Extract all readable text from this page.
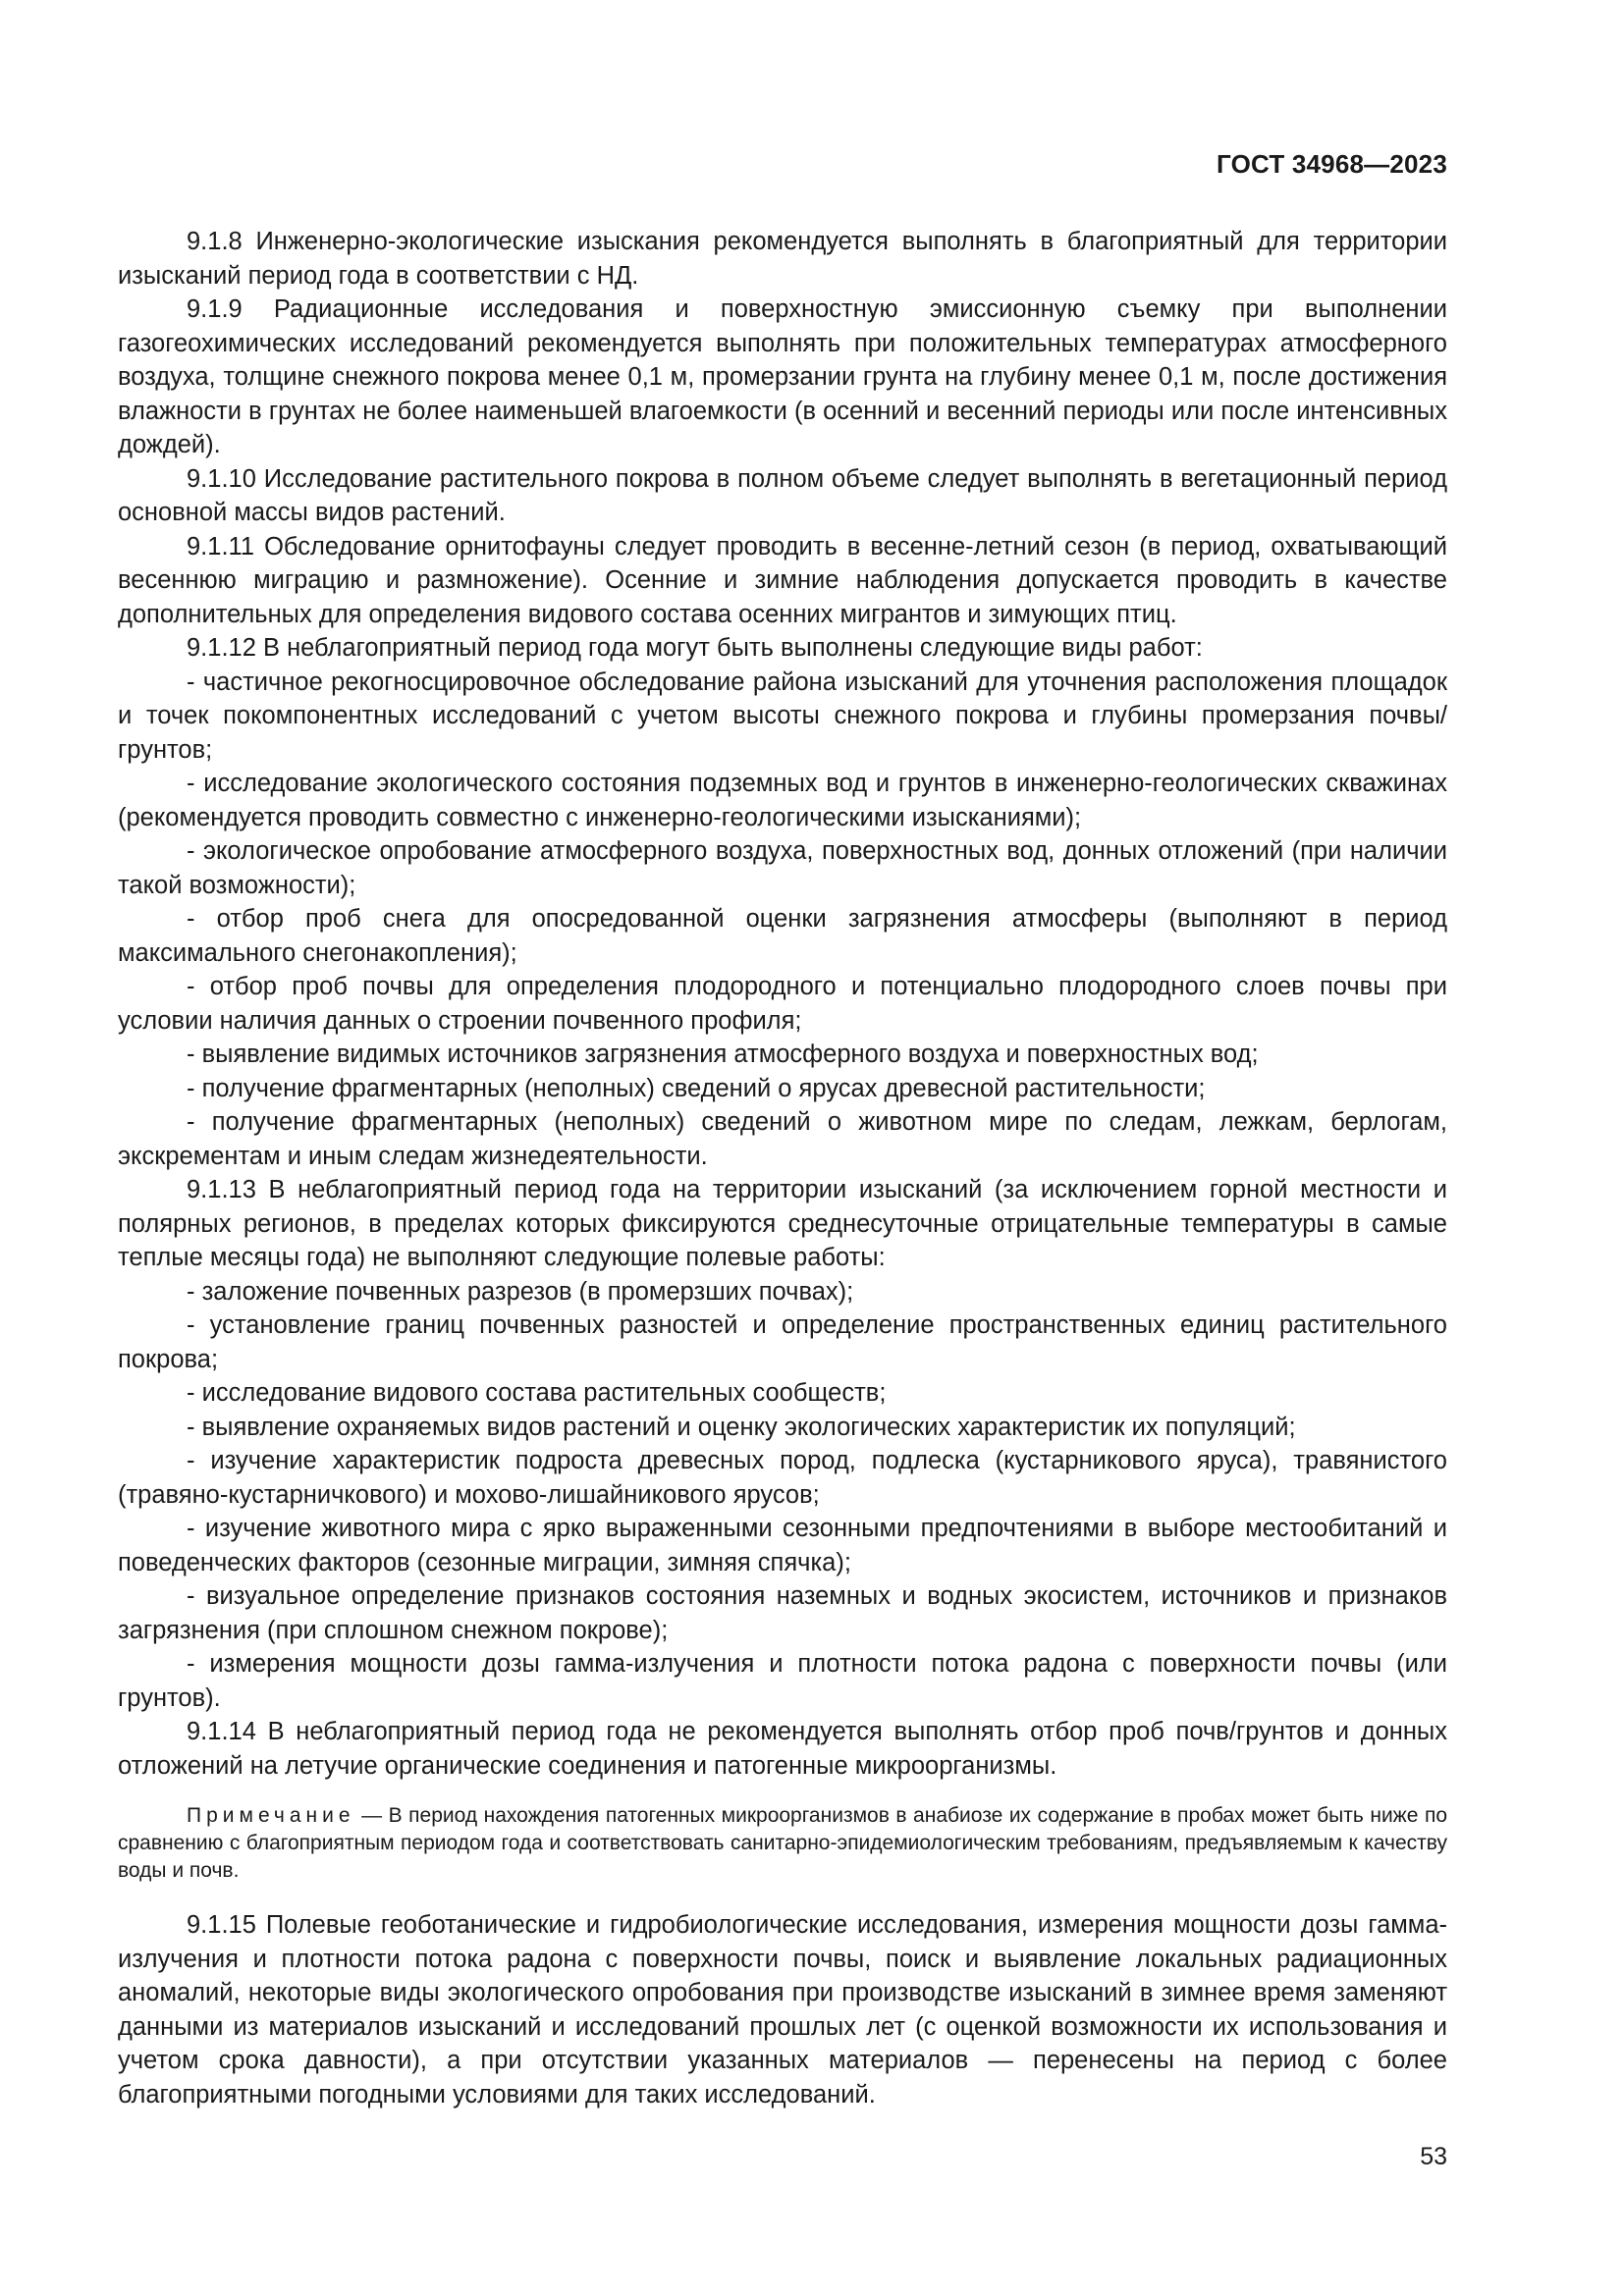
ГОСТ 34968—2023

9.1.8 Инженерно-экологические изыскания рекомендуется выполнять в благоприятный для территории изысканий период года в соответствии с НД.

9.1.9 Радиационные исследования и поверхностную эмиссионную съемку при выполнении газогеохимических исследований рекомендуется выполнять при положительных температурах атмосферного воздуха, толщине снежного покрова менее 0,1 м, промерзании грунта на глубину менее 0,1 м, после достижения влажности в грунтах не более наименьшей влагоемкости (в осенний и весенний периоды или после интенсивных дождей).

9.1.10 Исследование растительного покрова в полном объеме следует выполнять в вегетационный период основной массы видов растений.

9.1.11 Обследование орнитофауны следует проводить в весенне-летний сезон (в период, охватывающий весеннюю миграцию и размножение). Осенние и зимние наблюдения допускается проводить в качестве дополнительных для определения видового состава осенних мигрантов и зимующих птиц.

9.1.12 В неблагоприятный период года могут быть выполнены следующие виды работ:

- частичное рекогносцировочное обследование района изысканий для уточнения расположения площадок и точек покомпонентных исследований с учетом высоты снежного покрова и глубины промерзания почвы/грунтов;

- исследование экологического состояния подземных вод и грунтов в инженерно-геологических скважинах (рекомендуется проводить совместно с инженерно-геологическими изысканиями);

- экологическое опробование атмосферного воздуха, поверхностных вод, донных отложений (при наличии такой возможности);

- отбор проб снега для опосредованной оценки загрязнения атмосферы (выполняют в период максимального снегонакопления);

- отбор проб почвы для определения плодородного и потенциально плодородного слоев почвы при условии наличия данных о строении почвенного профиля;

- выявление видимых источников загрязнения атмосферного воздуха и поверхностных вод;

- получение фрагментарных (неполных) сведений о ярусах древесной растительности;

- получение фрагментарных (неполных) сведений о животном мире по следам, лежкам, берлогам, экскрементам и иным следам жизнедеятельности.

9.1.13 В неблагоприятный период года на территории изысканий (за исключением горной местности и полярных регионов, в пределах которых фиксируются среднесуточные отрицательные температуры в самые теплые месяцы года) не выполняют следующие полевые работы:

- заложение почвенных разрезов (в промерзших почвах);

- установление границ почвенных разностей и определение пространственных единиц растительного покрова;

- исследование видового состава растительных сообществ;

- выявление охраняемых видов растений и оценку экологических характеристик их популяций;

- изучение характеристик подроста древесных пород, подлеска (кустарникового яруса), травянистого (травяно-кустарничкового) и мохово-лишайникового ярусов;

- изучение животного мира с ярко выраженными сезонными предпочтениями в выборе местообитаний и поведенческих факторов (сезонные миграции, зимняя спячка);

- визуальное определение признаков состояния наземных и водных экосистем, источников и признаков загрязнения (при сплошном снежном покрове);

- измерения мощности дозы гамма-излучения и плотности потока радона с поверхности почвы (или грунтов).

9.1.14 В неблагоприятный период года не рекомендуется выполнять отбор проб почв/грунтов и донных отложений на летучие органические соединения и патогенные микроорганизмы.

Примечание — В период нахождения патогенных микроорганизмов в анабиозе их содержание в пробах может быть ниже по сравнению с благоприятным периодом года и соответствовать санитарно-эпидемиологическим требованиям, предъявляемым к качеству воды и почв.

9.1.15 Полевые геоботанические и гидробиологические исследования, измерения мощности дозы гамма-излучения и плотности потока радона с поверхности почвы, поиск и выявление локальных радиационных аномалий, некоторые виды экологического опробования при производстве изысканий в зимнее время заменяют данными из материалов изысканий и исследований прошлых лет (с оценкой возможности их использования и учетом срока давности), а при отсутствии указанных материалов — перенесены на период с более благоприятными погодными условиями для таких исследований.

53
